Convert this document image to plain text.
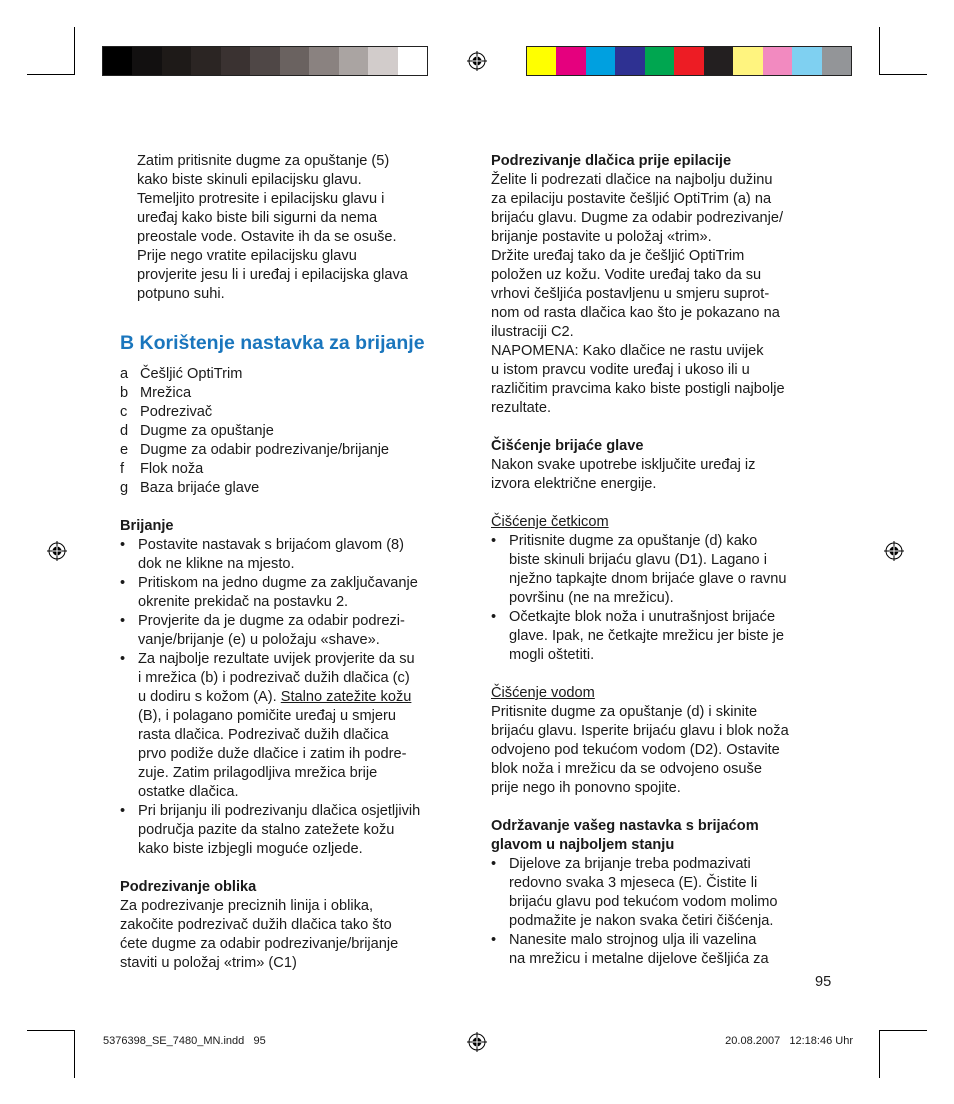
Zatim pritisnite dugme za opuštanje (5)
kako biste skinuli epilacijsku glavu.
Temeljito protresite i epilacijsku glavu i
uređaj kako biste bili sigurni da nema
preostale vode. Ostavite ih da se osuše.
Prije nego vratite epilacijsku glavu
provjerite jesu li i uređaj i epilacijska glava
potpuno suhi.

B Korištenje nastavka za brijanje
a Češljić OptiTrim
b Mrežica
c Podrezivač
d Dugme za opuštanje
e Dugme za odabir podrezivanje/brijanje
f	Flok noža
g Baza brijaće glave

Brijanje

• Postavite nastavak s brijaćom glavom (8)
dok ne klikne na mjesto.
• Pritiskom na jedno dugme za zaključavanje
okrenite prekidač na postavku 2.
• Provjerite da je dugme za odabir podrezi-
vanje/brijanje (e) u položaju «shave».
• Za najbolje rezultate uvijek provjerite da su
i mrežica (b) i podrezivač dužih dlačica (c)
u dodiru s kožom (A). Stalno zatežite kožu
(B), i polagano pomičite uređaj u smjeru
rasta dlačica. Podrezivač dužih dlačica
prvo podiže duže dlačice i zatim ih podre-
zuje. Zatim prilagodljiva mrežica brije
ostatke dlačica.
• Pri brijanju ili podrezivanju dlačica osjetljivih
područja pazite da stalno zatežete kožu
kako biste izbjegli moguće ozljede.

Podrezivanje oblika

Za podrezivanje preciznih linija i oblika,
zakočite podrezivač dužih dlačica tako što
ćete dugme za odabir podrezivanje/brijanje
staviti u položaj «trim» (C1)

Podrezivanje dlačica prije epilacije

Želite li podrezati dlačice na najbolju dužinu
za epilaciju postavite češljić OptiTrim (a) na
brijaću glavu. Dugme za odabir podrezivanje/
brijanje postavite u položaj «trim».
Držite uređaj tako da je češljić OptiTrim
položen uz kožu. Vodite uređaj tako da su
vrhovi češljića postavljenu u smjeru suprot-
nom od rasta dlačica kao što je pokazano na
ilustraciji C2.
NAPOMENA: Kako dlačice ne rastu uvijek
u istom pravcu vodite uređaj i ukoso ili u
različitim pravcima kako biste postigli najbolje
rezultate.

Čišćenje brijaće glave

Nakon svake upotrebe isključite uređaj iz
izvora električne energije.

Čišćenje četkicom

• Pritisnite dugme za opuštanje (d) kako
biste skinuli brijaću glavu (D1). Lagano i
nježno tapkajte dnom brijaće glave o ravnu
površinu (ne na mrežicu).
• Očetkajte blok noža i unutrašnjost brijaće
glave. Ipak, ne četkajte mrežicu jer biste je
mogli oštetiti.

Čišćenje vodom

Pritisnite dugme za opuštanje (d) i skinite
brijaću glavu. Isperite brijaću glavu i blok noža
odvojeno pod tekućom vodom (D2). Ostavite
blok noža i mrežicu da se odvojeno osuše
prije nego ih ponovno spojite.

Održavanje vašeg nastavka s brijaćom
glavom u najboljem stanju

• Dijelove za brijanje treba podmazivati
redovno svaka 3 mjeseca (E). Čistite li
brijaću glavu pod tekućom vodom molimo
podmažite je nakon svaka četiri čišćenja.
• Nanesite malo strojnog ulja ili vazelina
na mrežicu i metalne dijelove češljića za
95
5376398_SE_7480_MN.indd   95	20.08.2007   12:18:46 Uhr
